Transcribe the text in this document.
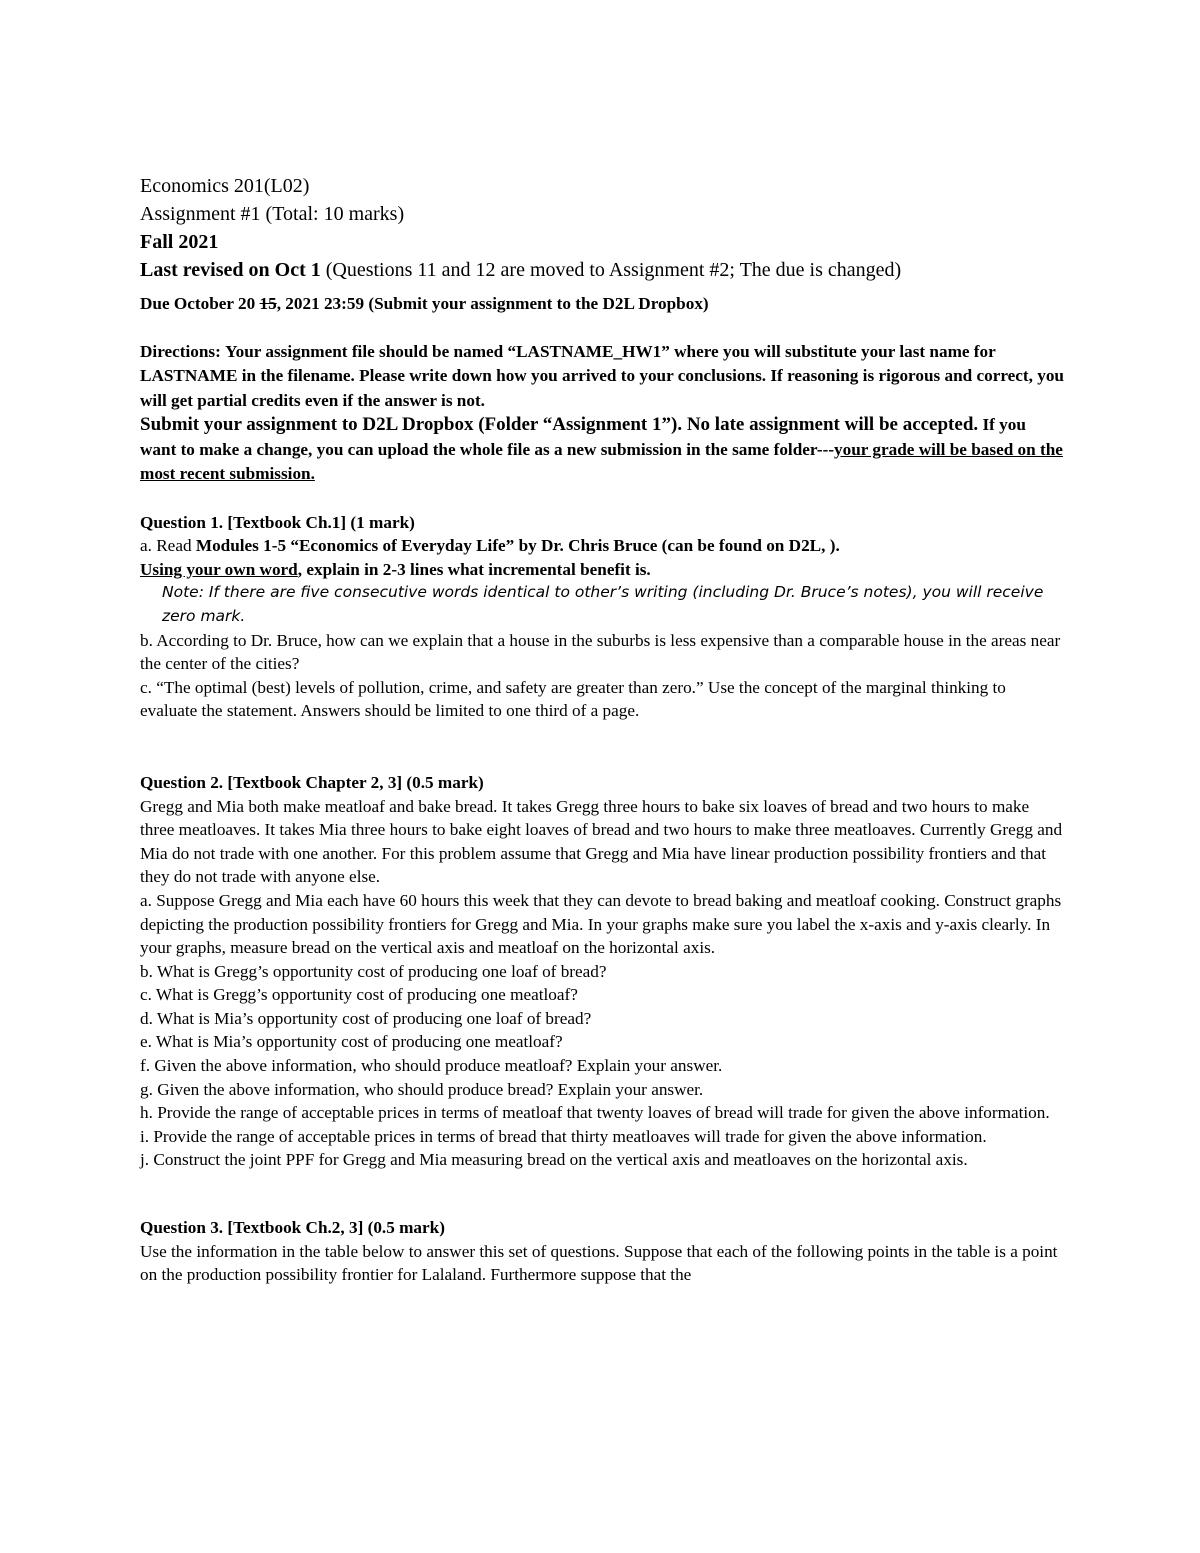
Economics 201(L02)
Assignment #1 (Total: 10 marks)
Fall 2021
Last revised on Oct 1 (Questions 11 and 12 are moved to Assignment #2; The due is changed)
Due October 20 15, 2021 23:59 (Submit your assignment to the D2L Dropbox)

Directions: Your assignment file should be named “LASTNAME_HW1” where you will substitute your last name for LASTNAME in the filename. Please write down how you arrived to your conclusions. If reasoning is rigorous and correct, you will get partial credits even if the answer is not.
Submit your assignment to D2L Dropbox (Folder “Assignment 1”). No late assignment will be accepted. If you want to make a change, you can upload the whole file as a new submission in the same folder---your grade will be based on the most recent submission.

Question 1. [Textbook Ch.1] (1 mark)

a. Read Modules 1-5 “Economics of Everyday Life” by Dr. Chris Bruce (can be found on D2L, ).
Using your own word, explain in 2-3 lines what incremental benefit is.

Note: If there are five consecutive words identical to other’s writing (including Dr. Bruce’s notes), you will receive zero mark.

b. According to Dr. Bruce, how can we explain that a house in the suburbs is less expensive than a comparable house in the areas near the center of the cities?

c. “The optimal (best) levels of pollution, crime, and safety are greater than zero.” Use the concept of the marginal thinking to evaluate the statement. Answers should be limited to one third of a page.

Question 2. [Textbook Chapter 2, 3] (0.5 mark)

Gregg and Mia both make meatloaf and bake bread. It takes Gregg three hours to bake six loaves of bread and two hours to make three meatloaves. It takes Mia three hours to bake eight loaves of bread and two hours to make three meatloaves. Currently Gregg and Mia do not trade with one another. For this problem assume that Gregg and Mia have linear production possibility frontiers and that they do not trade with anyone else.

a. Suppose Gregg and Mia each have 60 hours this week that they can devote to bread baking and meatloaf cooking. Construct graphs depicting the production possibility frontiers for Gregg and Mia. In your graphs make sure you label the x-axis and y-axis clearly. In your graphs, measure bread on the vertical axis and meatloaf on the horizontal axis.

b. What is Gregg’s opportunity cost of producing one loaf of bread?

c. What is Gregg’s opportunity cost of producing one meatloaf?

d. What is Mia’s opportunity cost of producing one loaf of bread?

e. What is Mia’s opportunity cost of producing one meatloaf?

f. Given the above information, who should produce meatloaf? Explain your answer.

g. Given the above information, who should produce bread? Explain your answer.

h. Provide the range of acceptable prices in terms of meatloaf that twenty loaves of bread will trade for given the above information.

i. Provide the range of acceptable prices in terms of bread that thirty meatloaves will trade for given the above information.

j. Construct the joint PPF for Gregg and Mia measuring bread on the vertical axis and meatloaves on the horizontal axis.

Question 3. [Textbook Ch.2, 3] (0.5 mark)

Use the information in the table below to answer this set of questions. Suppose that each of the following points in the table is a point on the production possibility frontier for Lalaland. Furthermore suppose that the
